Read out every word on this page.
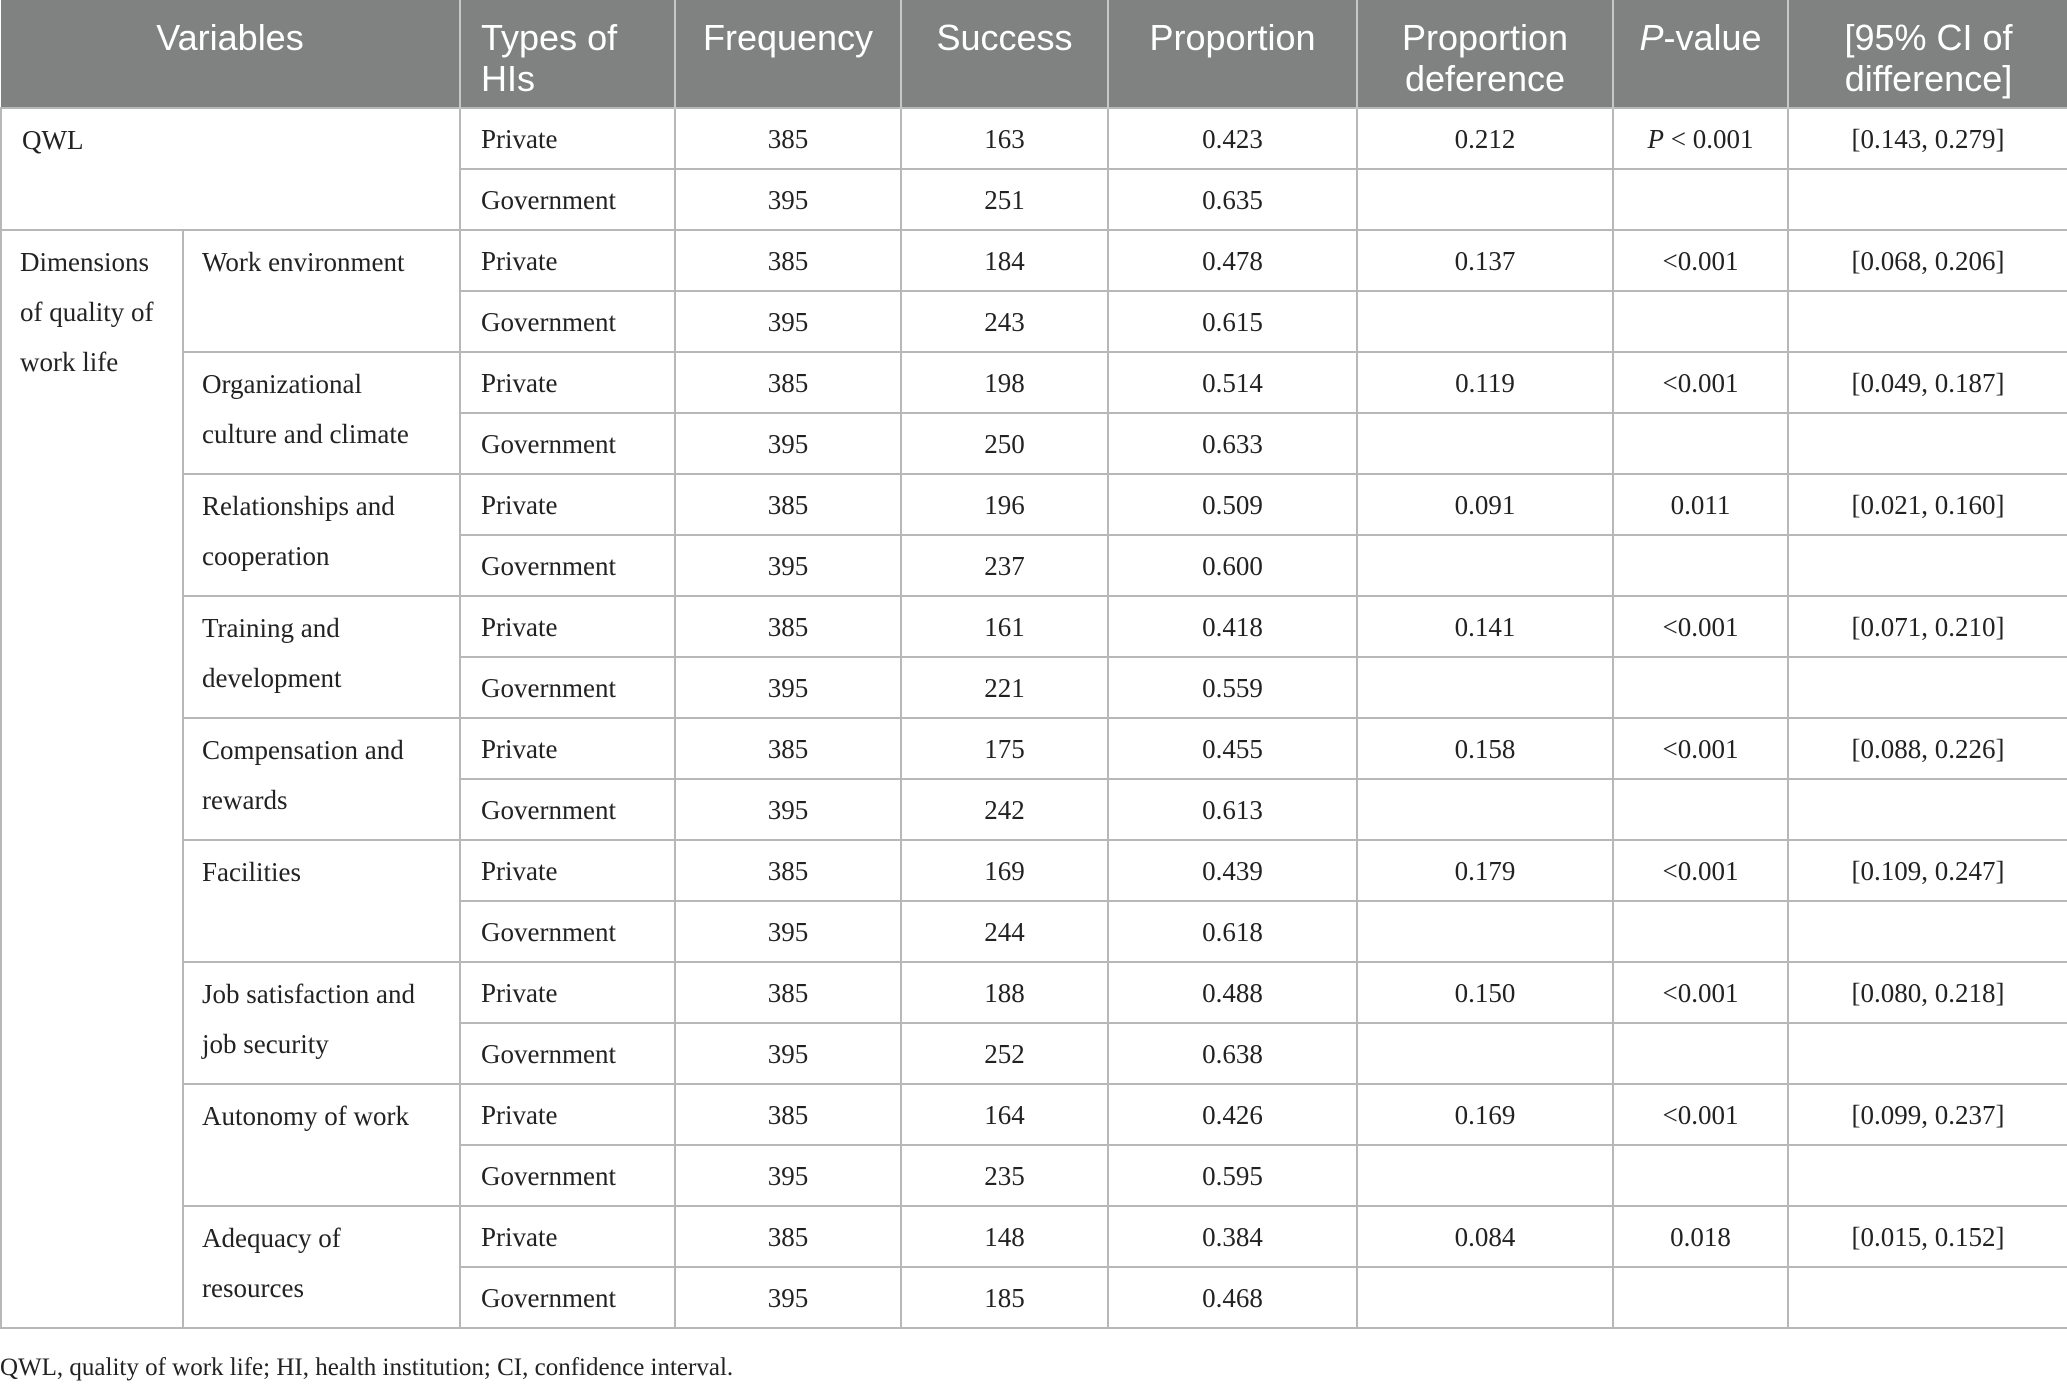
Variables		Types of HIs	Frequency	Success	Proportion	Proportion deference	P-value	[95% CI of difference]
QWL		Private	385	163	0.423	0.212	P < 0.001	[0.143, 0.279]
		Government	395	251	0.635			
Dimensions of quality of work life	Work environment	Private	385	184	0.478	0.137	<0.001	[0.068, 0.206]
		Government	395	243	0.615			
	Organizational culture and climate	Private	385	198	0.514	0.119	<0.001	[0.049, 0.187]
		Government	395	250	0.633			
	Relationships and cooperation	Private	385	196	0.509	0.091	0.011	[0.021, 0.160]
		Government	395	237	0.600			
	Training and development	Private	385	161	0.418	0.141	<0.001	[0.071, 0.210]
		Government	395	221	0.559			
	Compensation and rewards	Private	385	175	0.455	0.158	<0.001	[0.088, 0.226]
		Government	395	242	0.613			
	Facilities	Private	385	169	0.439	0.179	<0.001	[0.109, 0.247]
		Government	395	244	0.618			
	Job satisfaction and job security	Private	385	188	0.488	0.150	<0.001	[0.080, 0.218]
		Government	395	252	0.638			
	Autonomy of work	Private	385	164	0.426	0.169	<0.001	[0.099, 0.237]
		Government	395	235	0.595			
	Adequacy of resources	Private	385	148	0.384	0.084	0.018	[0.015, 0.152]
		Government	395	185	0.468			
QWL, quality of work life; HI, health institution; CI, confidence interval.
